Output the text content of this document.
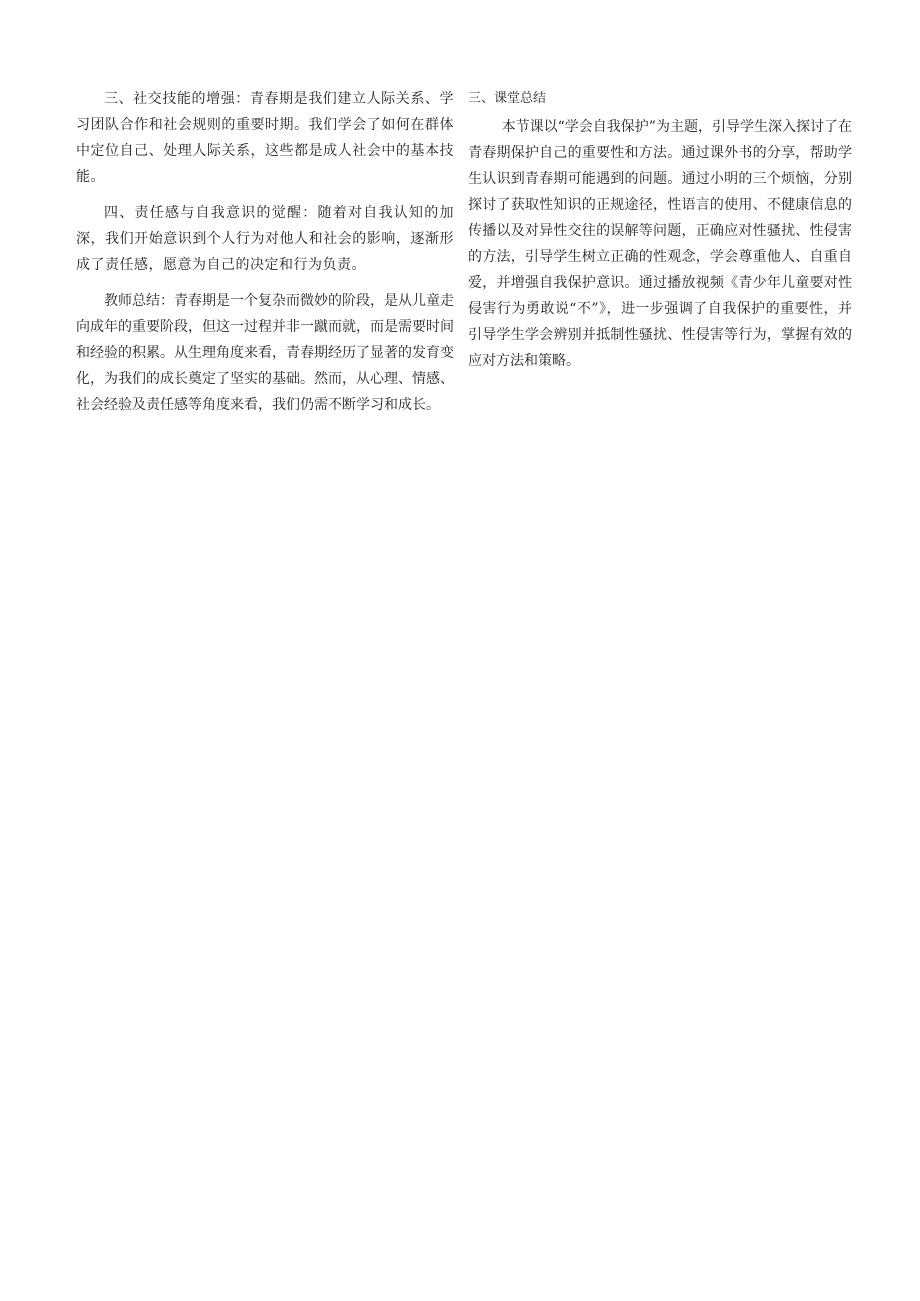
三、社交技能的增强：青春期是我们建立人际关系、学习团队合作和社会规则的重要时期。我们学会了如何在群体中定位自己、处理人际关系，这些都是成人社会中的基本技能。

四、责任感与自我意识的觉醒：随着对自我认知的加深，我们开始意识到个人行为对他人和社会的影响，逐渐形成了责任感，愿意为自己的决定和行为负责。

教师总结：青春期是一个复杂而微妙的阶段，是从儿童走向成年的重要阶段，但这一过程并非一蹴而就，而是需要时间和经验的积累。从生理角度来看，青春期经历了显著的发育变化，为我们的成长奠定了坚实的基础。然而，从心理、情感、社会经验及责任感等角度来看，我们仍需不断学习和成长。

三、课堂总结

本节课以“学会自我保护”为主题，引导学生深入探讨了在青春期保护自己的重要性和方法。通过课外书的分享，帮助学生认识到青春期可能遇到的问题。通过小明的三个烦恼，分别探讨了获取性知识的正规途径，性语言的使用、不健康信息的传播以及对异性交往的误解等问题，正确应对性骚扰、性侵害的方法，引导学生树立正确的性观念，学会尊重他人、自重自爱，并增强自我保护意识。通过播放视频《青少年儿童要对性侵害行为勇敢说“不”》，进一步强调了自我保护的重要性，并引导学生学会辨别并抵制性骚扰、性侵害等行为，掌握有效的应对方法和策略。
